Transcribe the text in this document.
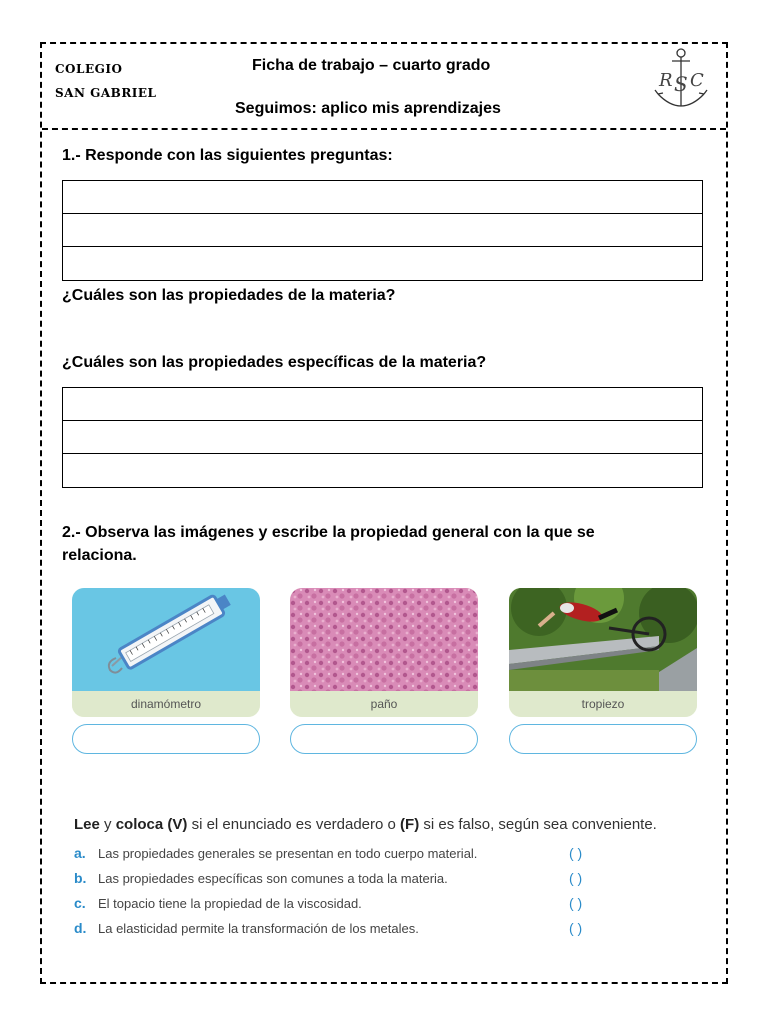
COLEGIO
SAN GABRIEL
Ficha de trabajo – cuarto grado
Seguimos: aplico mis aprendizajes
R S C
1.- Responde con las siguientes preguntas:
¿Cuáles son las propiedades de la materia?
¿Cuáles son las propiedades específicas de la materia?
2.- Observa las imágenes y escribe la propiedad general con la que se
relaciona.
dinamómetro	paño	tropiezo
Lee y coloca (V) si el enunciado es verdadero o (F) si es falso, según sea conveniente.
a. Las propiedades generales se presentan en todo cuerpo material.	( )
b. Las propiedades específicas son comunes a toda la materia.	( )
c. El topacio tiene la propiedad de la viscosidad.	( )
d. La elasticidad permite la transformación de los metales.	( )
